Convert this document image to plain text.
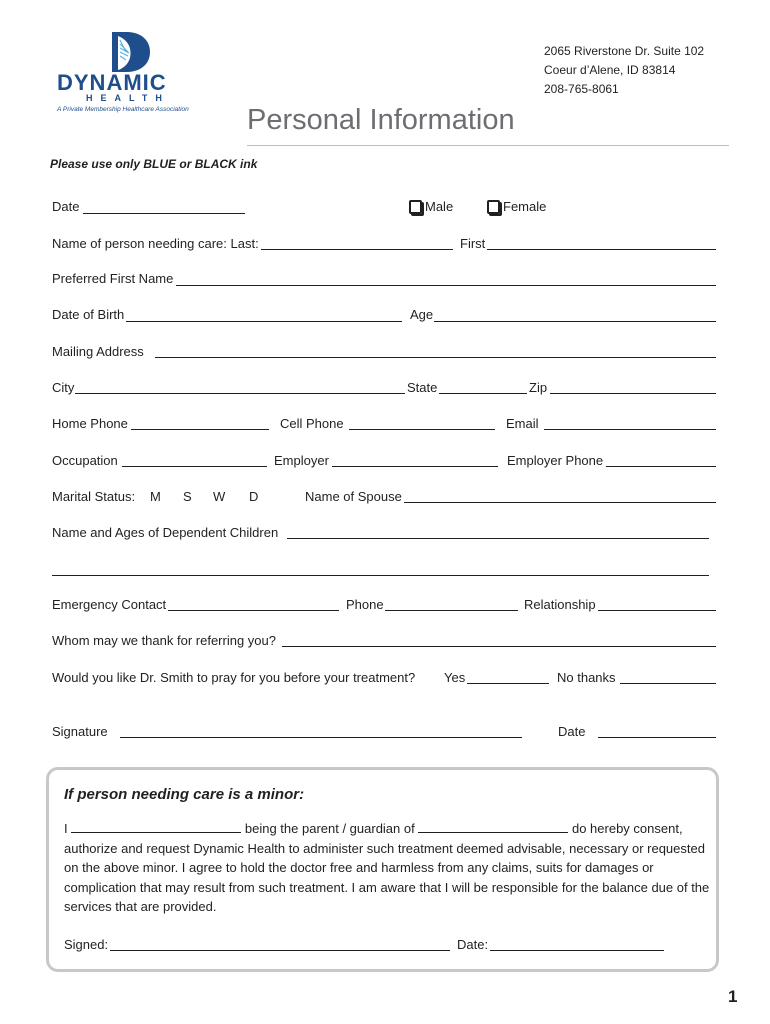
DYNAMIC
HEALTH
A Private Membership Healthcare Association
2065 Riverstone Dr. Suite 102
Coeur d’Alene, ID 83814
208-765-8061
Personal Information
Please use only BLUE or BLACK ink
Date	Male	Female
Name of person needing care: Last:	First
Preferred First Name
Date of Birth	Age
Mailing Address
City	State	Zip
Home Phone	Cell Phone	Email
Occupation	Employer	Employer Phone
Marital Status: M S W D	Name of Spouse
Name and Ages of Dependent Children
Emergency Contact	Phone	Relationship
Whom may we thank for referring you?
Would you like Dr. Smith to pray for you before your treatment? Yes	No thanks
Signature	Date
If person needing care is a minor:
I	being the parent / guardian of	do hereby consent, authorize and request Dynamic Health to administer such treatment deemed advisable, necessary or requested on the above minor. I agree to hold the doctor free and harmless from any claims, suits for damages or complication that may result from such treatment. I am aware that I will be responsible for the balance due of the services that are provided.
Signed:	Date:
1
